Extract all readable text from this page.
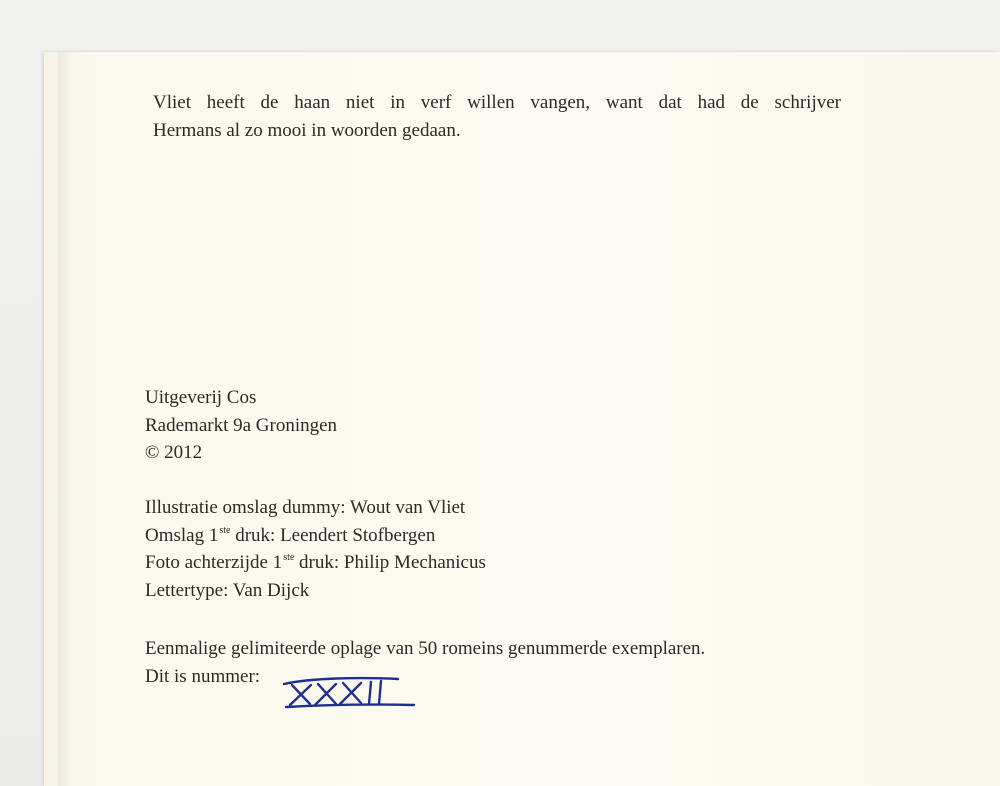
Vliet heeft de haan niet in verf willen vangen, want dat had de schrijver
Hermans al zo mooi in woorden gedaan.
Uitgeverij Cos
Rademarkt 9a Groningen
© 2012
Illustratie omslag dummy: Wout van Vliet
Omslag 1ste druk: Leendert Stofbergen
Foto achterzijde 1ste druk: Philip Mechanicus
Lettertype: Van Dijck
Eenmalige gelimiteerde oplage van 50 romeins genummerde exemplaren.
Dit is nummer:
